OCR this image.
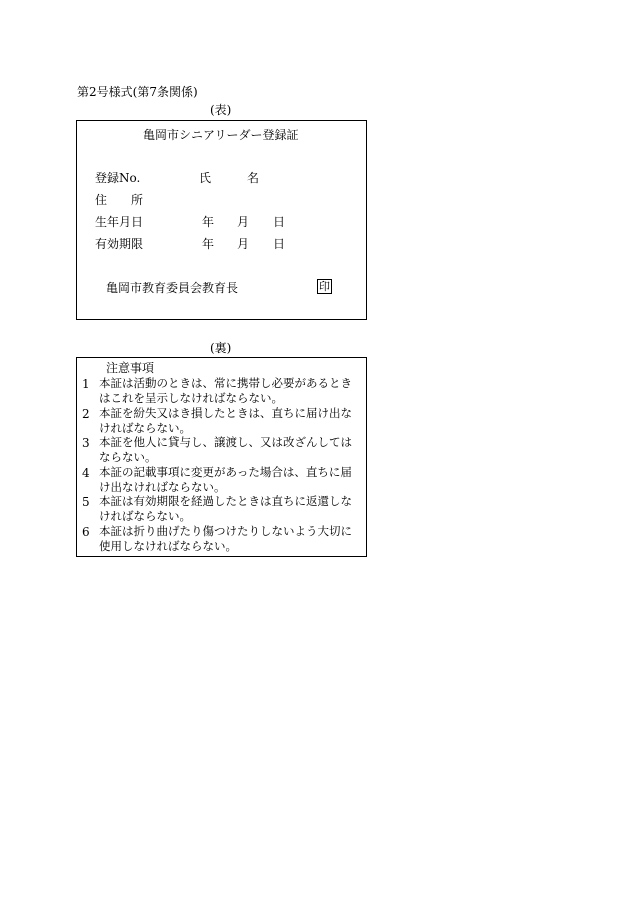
第2号様式(第7条関係)
(表)
亀岡市シニアリーダー登録証
登録No.	氏　　　名
住　　所
生年月日	年 月 日
有効期限	年 月 日
亀岡市教育委員会教育長	印
(裏)
注意事項
1 本証は活動のときは、常に携帯し必要があるとき
はこれを呈示しなければならない。
2 本証を紛失又はき損したときは、直ちに届け出な
ければならない。
3 本証を他人に貸与し、譲渡し、又は改ざんしては
ならない。
4 本証の記載事項に変更があった場合は、直ちに届
け出なければならない。
5 本証は有効期限を経過したときは直ちに返還しな
ければならない。
6 本証は折り曲げたり傷つけたりしないよう大切に
使用しなければならない。
